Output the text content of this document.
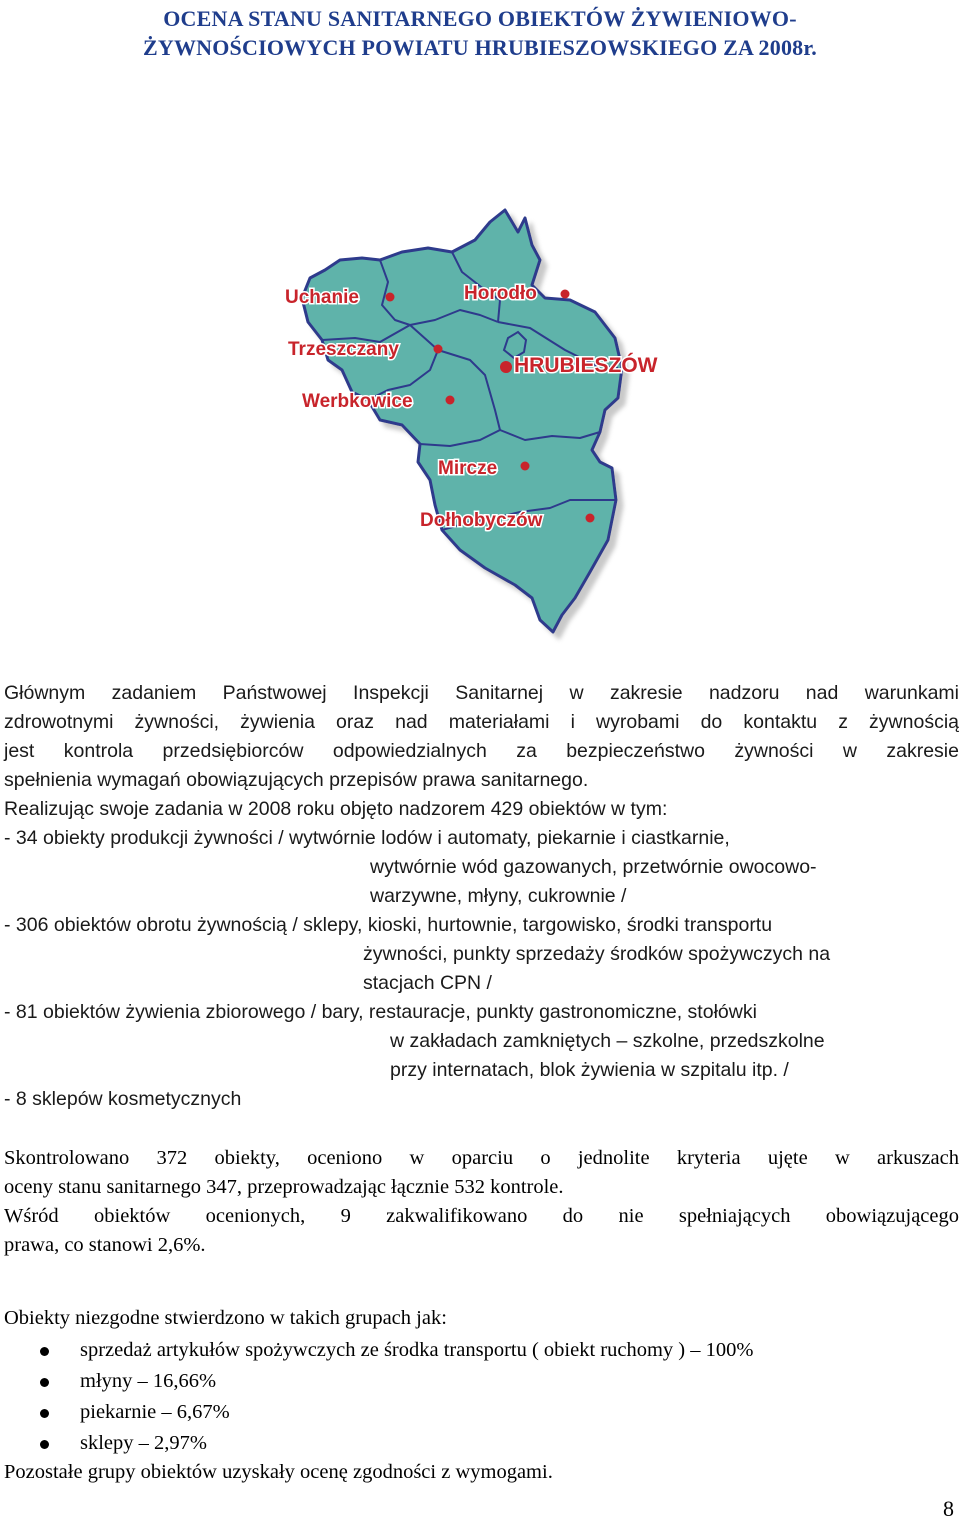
OCENA STANU SANITARNEGO OBIEKTÓW ŻYWIENIOWO-
ŻYWNOŚCIOWYCH POWIATU HRUBIESZOWSKIEGO ZA 2008r.
Uchanie	Horodło
Trzeszczany
HRUBIESZÓW
Werbkowice
Mircze
Dołhobyczów
Głównym zadaniem Państwowej Inspekcji Sanitarnej w zakresie nadzoru nad warunkami
zdrowotnymi żywności, żywienia oraz nad materiałami i wyrobami do kontaktu z żywnością
jest kontrola przedsiębiorców odpowiedzialnych za bezpieczeństwo żywności w zakresie
spełnienia wymagań obowiązujących przepisów prawa sanitarnego.
Realizując swoje zadania w 2008 roku objęto nadzorem 429 obiektów w tym:
- 34 obiekty produkcji żywności / wytwórnie lodów i automaty, piekarnie i ciastkarnie,
wytwórnie wód gazowanych, przetwórnie owocowo-
warzywne, młyny, cukrownie /
- 306 obiektów obrotu żywnością / sklepy, kioski, hurtownie, targowisko, środki transportu
żywności, punkty sprzedaży środków spożywczych na
stacjach CPN /
- 81 obiektów żywienia zbiorowego / bary, restauracje, punkty gastronomiczne, stołówki
w zakładach zamkniętych – szkolne, przedszkolne
przy internatach, blok żywienia w szpitalu itp. /
- 8 sklepów kosmetycznych
Skontrolowano 372 obiekty, oceniono w oparciu o jednolite kryteria ujęte w arkuszach
oceny stanu sanitarnego 347, przeprowadzając łącznie 532 kontrole.
Wśród obiektów ocenionych, 9 zakwalifikowano do nie spełniających obowiązującego
prawa, co stanowi 2,6%.
Obiekty niezgodne stwierdzono w takich grupach jak:
sprzedaż artykułów spożywczych ze środka transportu ( obiekt ruchomy ) – 100%
młyny – 16,66%
piekarnie – 6,67%
sklepy – 2,97%
Pozostałe grupy obiektów uzyskały ocenę zgodności z wymogami.
8
